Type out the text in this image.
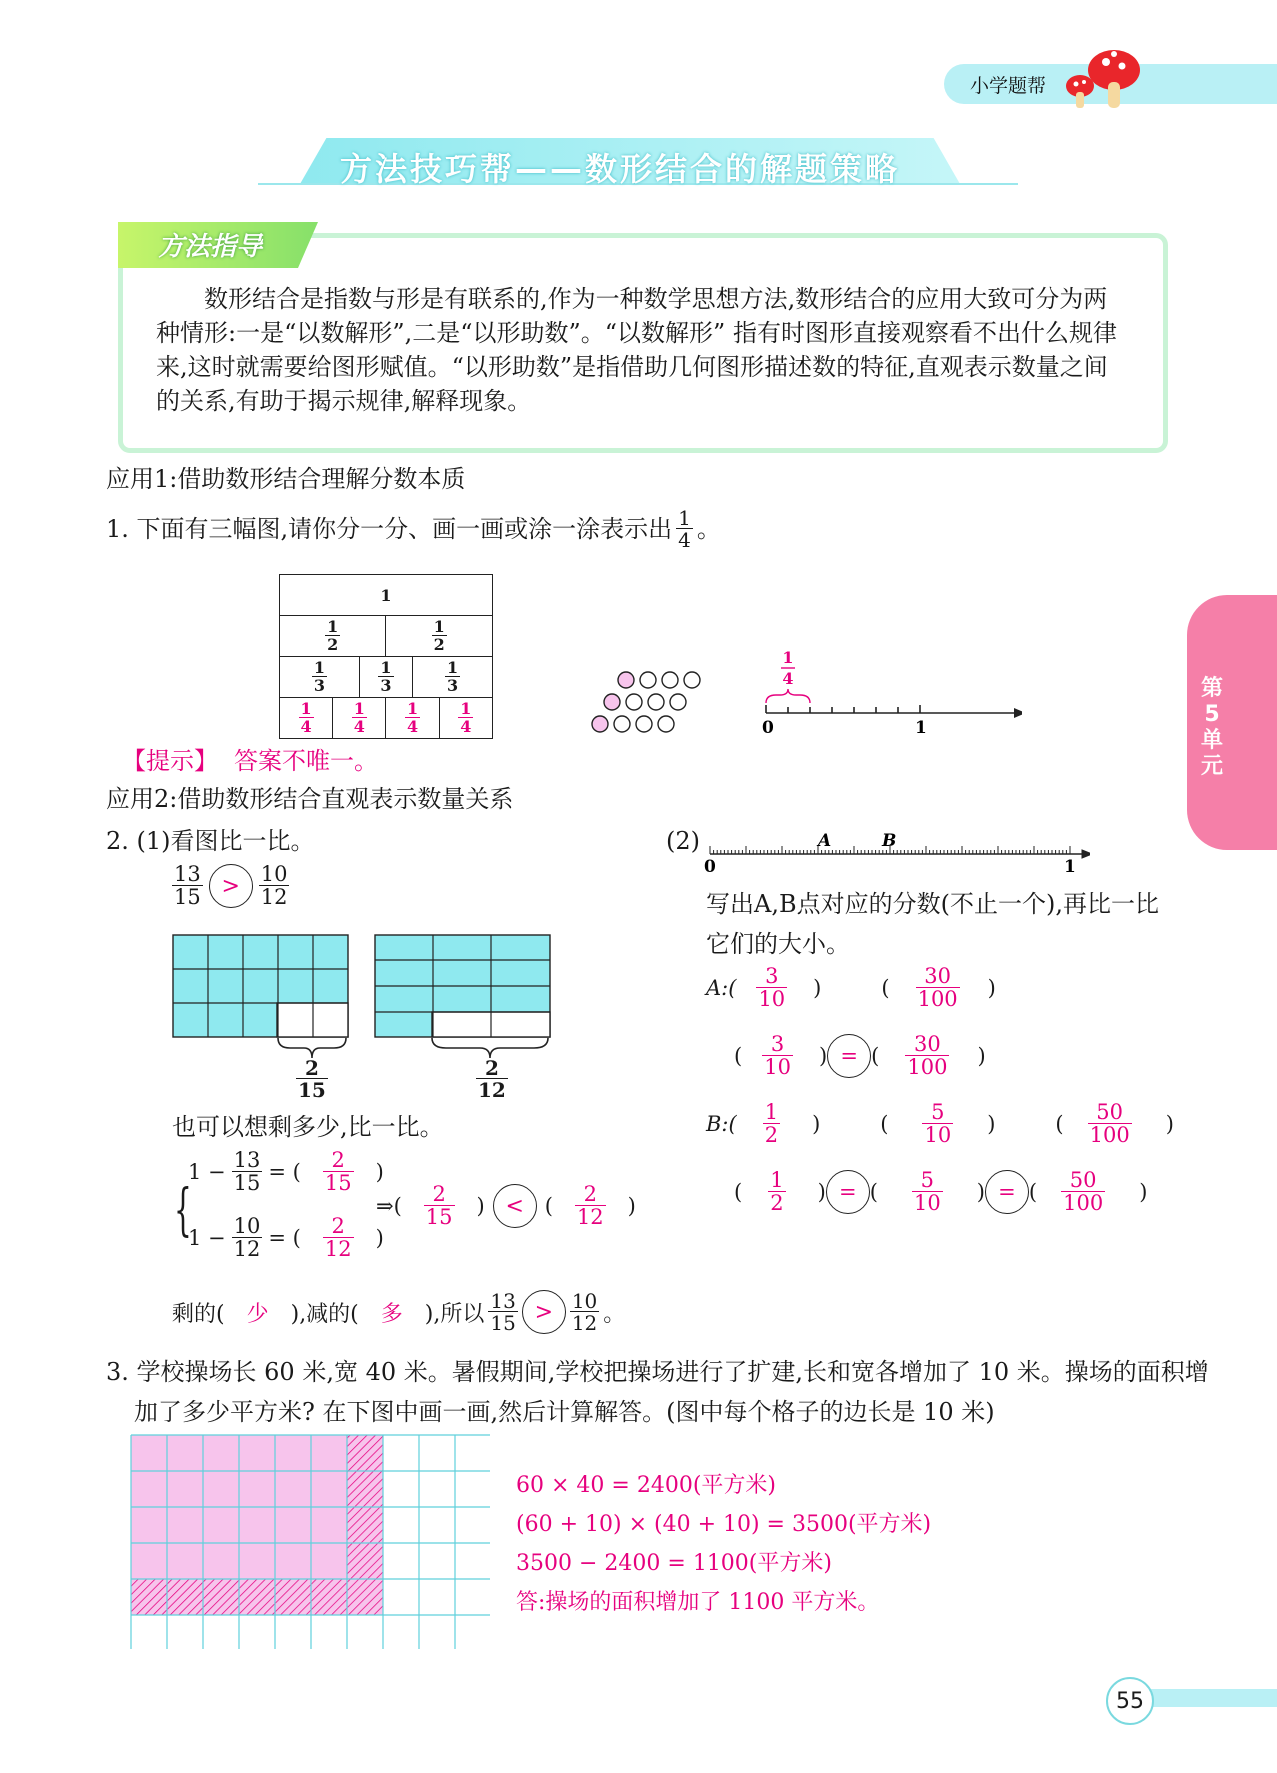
小学题帮
方法技巧帮——数形结合的解题策略
方法指导
数形结合是指数与形是有联系的,作为一种数学思想方法,数形结合的应用大致可分为两种情形:一是“以数解形”,二是“以形助数”。“以数解形” 指有时图形直接观察看不出什么规律来,这时就需要给图形赋值。“以形助数”是指借助几何图形描述数的特征,直观表示数量之间的关系,有助于揭示规律,解释现象。
第5单元
应用1:借助数形结合理解分数本质
1. 下面有三幅图,请你分一分、画一画或涂一涂表示出 $\frac{1}{4}$ 。
1					

$\frac{1}{2}$			$\frac{1}{2}$

$\frac{1}{3}$		$\frac{1}{3}$		$\frac{1}{3}$

$\frac{1}{4}$	$\frac{1}{4}$		$\frac{1}{4}$		$\frac{1}{4}$
1
4
0	1
【提示】 答案不唯一。
应用2:借助数形结合直观表示数量关系
2. (1)看图比一比。
$\frac{13}{15} > \frac{10}{12}$
$\frac{2}{15}$	$\frac{2}{12}$
也可以想剩多少,比一比。
{
$1 - \frac{13}{15}$ = ( $\frac{2}{15}$ )
$1 - \frac{10}{12}$ = ( $\frac{2}{12}$ )
⇒( $\frac{2}{15}$ ) < ( $\frac{2}{12}$ )
剩的( 少 ),减的( 多 ),所以 $\frac{13}{15} > \frac{10}{12}$ 。
(2)	A	B
0	1
写出A,B点对应的分数(不止一个),再比一比它们的大小。
A:( $\frac{3}{10}$ )	( $\frac{30}{100}$ )
( $\frac{3}{10}$ ) = ( $\frac{30}{100}$ )
B:( $\frac{1}{2}$ )	( $\frac{5}{10}$ )	( $\frac{50}{100}$ )
( $\frac{1}{2}$ ) = ( $\frac{5}{10}$ ) = ( $\frac{50}{100}$ )
3. 学校操场长 60 米,宽 40 米。暑假期间,学校把操场进行了扩建,长和宽各增加了 10 米。操场的面积增加了多少平方米? 在下图中画一画,然后计算解答。(图中每个格子的边长是 10 米)
60 × 40 = 2400(平方米)
(60 + 10) × (40 + 10) = 3500(平方米)
3500 − 2400 = 1100(平方米)
答:操场的面积增加了 1100 平方米。
55
